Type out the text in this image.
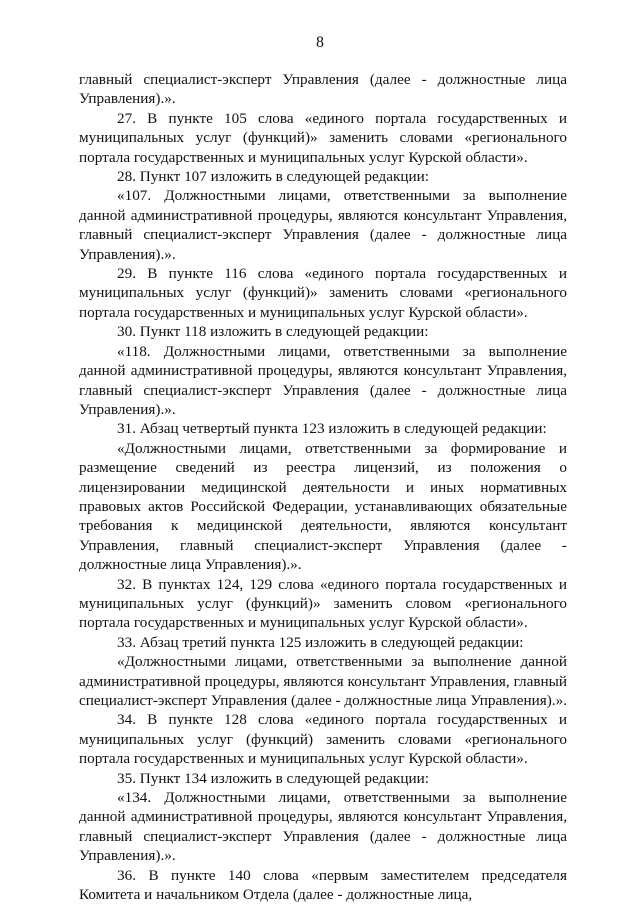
8

главный специалист-эксперт Управления (далее - должностные лица Управления).».

27. В пункте 105 слова «единого портала государственных и муниципальных услуг (функций)» заменить словами «регионального портала государственных и муниципальных услуг Курской области».

28. Пункт 107 изложить в следующей редакции:

«107. Должностными лицами, ответственными за выполнение данной административной процедуры, являются консультант Управления, главный специалист-эксперт Управления (далее - должностные лица Управления).».

29. В пункте 116 слова «единого портала государственных и муниципальных услуг (функций)» заменить словами «регионального портала государственных и муниципальных услуг Курской области».

30. Пункт 118 изложить в следующей редакции:

«118. Должностными лицами, ответственными за выполнение данной административной процедуры, являются консультант Управления, главный специалист-эксперт Управления (далее - должностные лица Управления).».

31. Абзац четвертый пункта 123 изложить в следующей редакции:

«Должностными лицами, ответственными за формирование и размещение сведений из реестра лицензий, из положения о лицензировании медицинской деятельности и иных нормативных правовых актов Российской Федерации, устанавливающих обязательные требования к медицинской деятельности, являются консультант Управления, главный специалист-эксперт Управления (далее - должностные лица Управления).».

32. В пунктах 124, 129 слова «единого портала государственных и муниципальных услуг (функций)» заменить словом «регионального портала государственных и муниципальных услуг Курской области».

33. Абзац третий пункта 125 изложить в следующей редакции:

«Должностными лицами, ответственными за выполнение данной административной процедуры, являются консультант Управления, главный специалист-эксперт Управления (далее - должностные лица Управления).».

34. В пункте 128 слова «единого портала государственных и муниципальных услуг (функций) заменить словами «регионального портала государственных и муниципальных услуг Курской области».

35. Пункт 134 изложить в следующей редакции:

«134. Должностными лицами, ответственными за выполнение данной административной процедуры, являются консультант Управления, главный специалист-эксперт Управления (далее - должностные лица Управления).».

36. В пункте 140 слова «первым заместителем председателя Комитета и начальником Отдела (далее - должностные лица,
